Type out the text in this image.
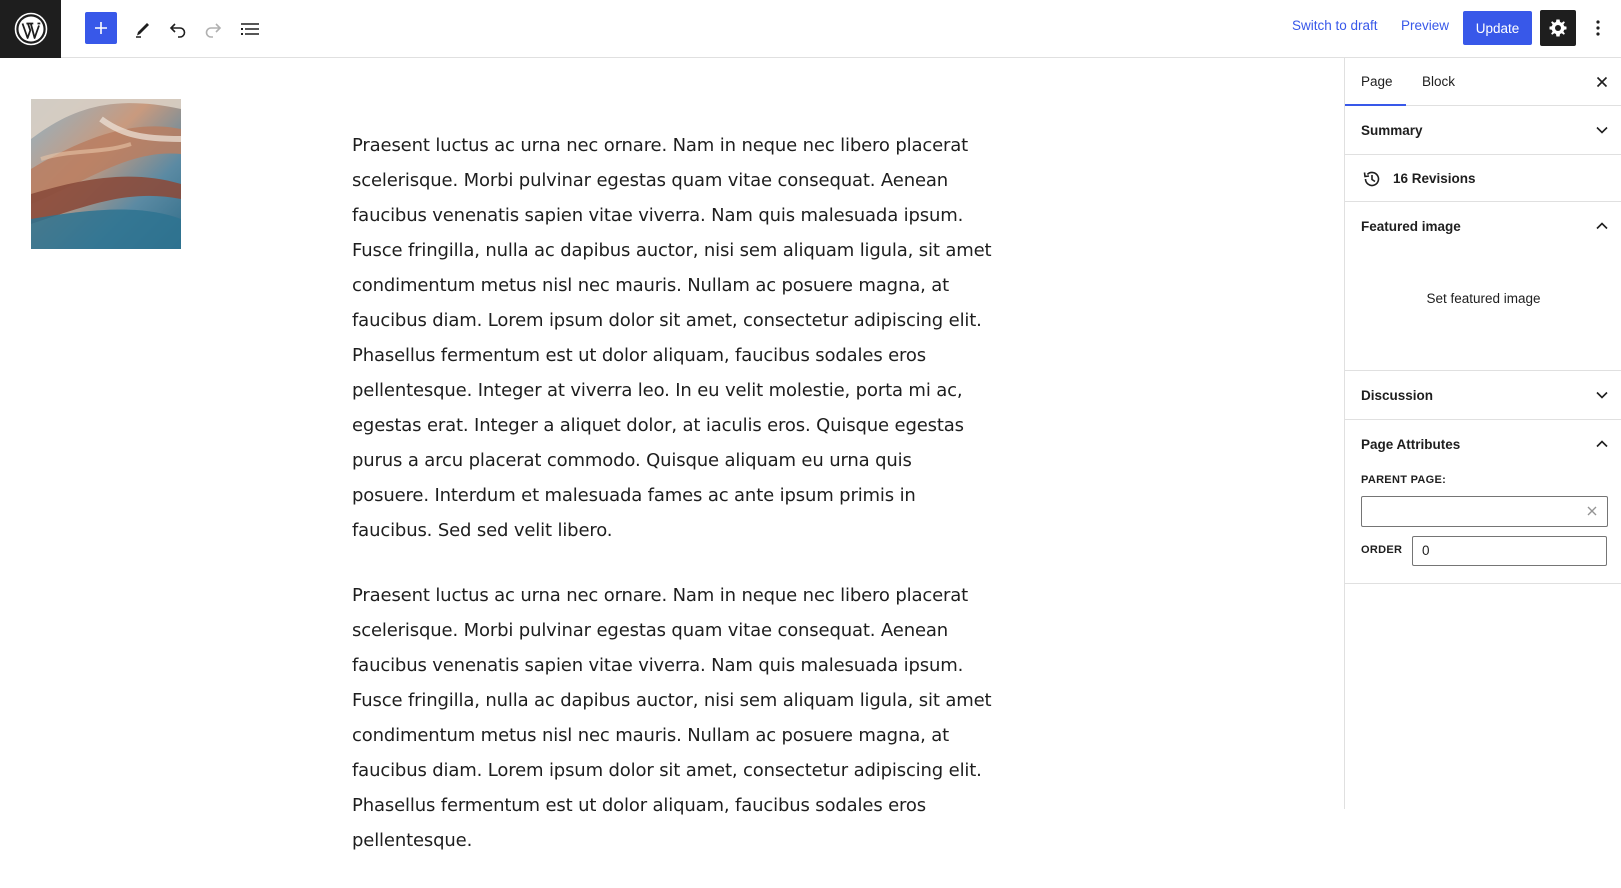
Switch to draft Preview	Update

Praesent luctus ac urna nec ornare. Nam in neque nec libero placerat scelerisque. Morbi pulvinar egestas quam vitae consequat. Aenean faucibus venenatis sapien vitae viverra. Nam quis malesuada ipsum. Fusce fringilla, nulla ac dapibus auctor, nisi sem aliquam ligula, sit amet condimentum metus nisl nec mauris. Nullam ac posuere magna, at faucibus diam. Lorem ipsum dolor sit amet, consectetur adipiscing elit. Phasellus fermentum est ut dolor aliquam, faucibus sodales eros pellentesque. Integer at viverra leo. In eu velit molestie, porta mi ac, egestas erat. Integer a aliquet dolor, at iaculis eros. Quisque egestas purus a arcu placerat commodo. Quisque aliquam eu urna quis posuere. Interdum et malesuada fames ac ante ipsum primis in faucibus. Sed sed velit libero.

Praesent luctus ac urna nec ornare. Nam in neque nec libero placerat scelerisque. Morbi pulvinar egestas quam vitae consequat. Aenean faucibus venenatis sapien vitae viverra. Nam quis malesuada ipsum. Fusce fringilla, nulla ac dapibus auctor, nisi sem aliquam ligula, sit amet condimentum metus nisl nec mauris. Nullam ac posuere magna, at faucibus diam. Lorem ipsum dolor sit amet, consectetur adipiscing elit. Phasellus fermentum est ut dolor aliquam, faucibus sodales eros pellentesque.

Page Block
Summary
16 Revisions
Featured image
Set featured image
Discussion
Page Attributes
PARENT PAGE:
ORDER	0
